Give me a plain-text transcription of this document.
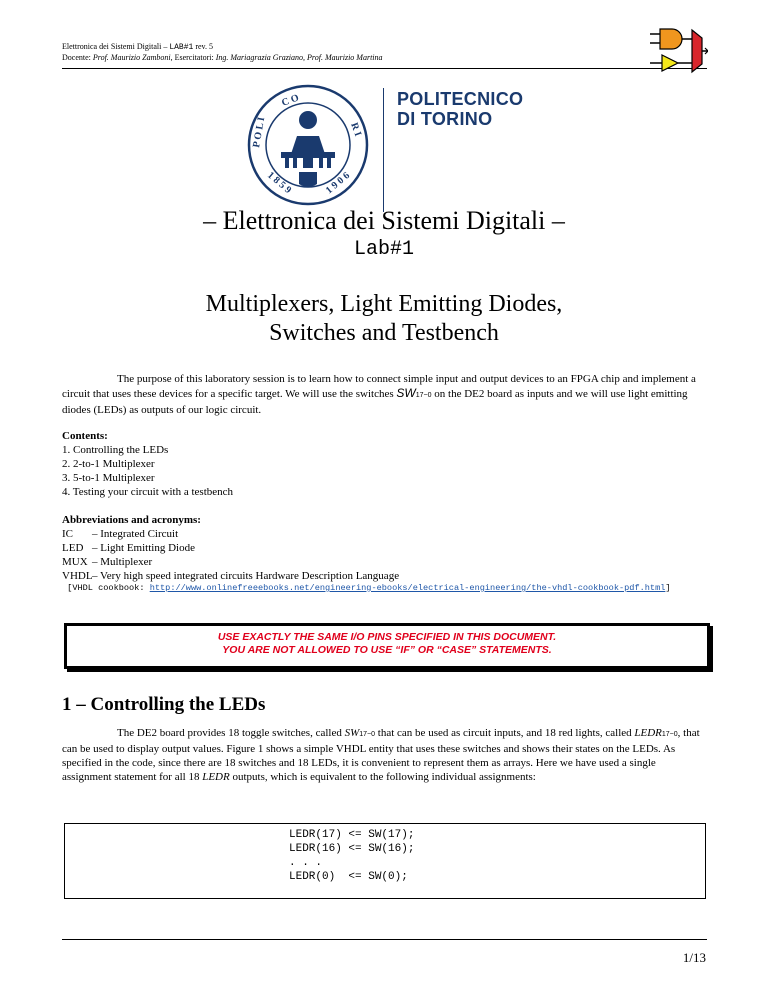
Elettronica dei Sistemi Digitali – LAB#1 rev. 5
Docente: Prof. Maurizio Zamboni, Esercitatori: Ing. Mariagrazia Graziano, Prof. Maurizio Martina
C O
P O L I	R I
1 8 5 9	1 9 0 6
POLITECNICO
DI TORINO
– Elettronica dei Sistemi Digitali –
Lab#1
Multiplexers, Light Emitting Diodes,
Switches and Testbench
The purpose of this laboratory session is to learn how to connect simple input and output devices to an FPGA chip and implement a circuit that uses these devices for a specific target. We will use the switches SW17−0 on the DE2 board as inputs and we will use light emitting diodes (LEDs) as outputs of our logic circuit.
Contents:
1. Controlling the LEDs
2. 2-to-1 Multiplexer
3. 5-to-1 Multiplexer
4. Testing your circuit with a testbench
Abbreviations and acronyms:
IC	– Integrated Circuit
LED – Light Emitting Diode
MUX – Multiplexer
VHDL – Very high speed integrated circuits Hardware Description Language
[VHDL cookbook: http://www.onlinefreeebooks.net/engineering-ebooks/electrical-engineering/the-vhdl-cookbook-pdf.html]
USE EXACTLY THE SAME I/O PINS SPECIFIED IN THIS DOCUMENT.
YOU ARE NOT ALLOWED TO USE “IF” OR “CASE” STATEMENTS.
1 – Controlling the LEDs
The DE2 board provides 18 toggle switches, called SW17−0 that can be used as circuit inputs, and 18 red lights, called LEDR17−0, that can be used to display output values. Figure 1 shows a simple VHDL entity that uses these switches and shows their states on the LEDs. As specified in the code, since there are 18 switches and 18 LEDs, it is convenient to represent them as arrays. Here we have used a single assignment statement for all 18 LEDR outputs, which is equivalent to the following individual assignments:
LEDR(17) <= SW(17);
LEDR(16) <= SW(16);
. . .
LEDR(0)  <= SW(0);
1/13
